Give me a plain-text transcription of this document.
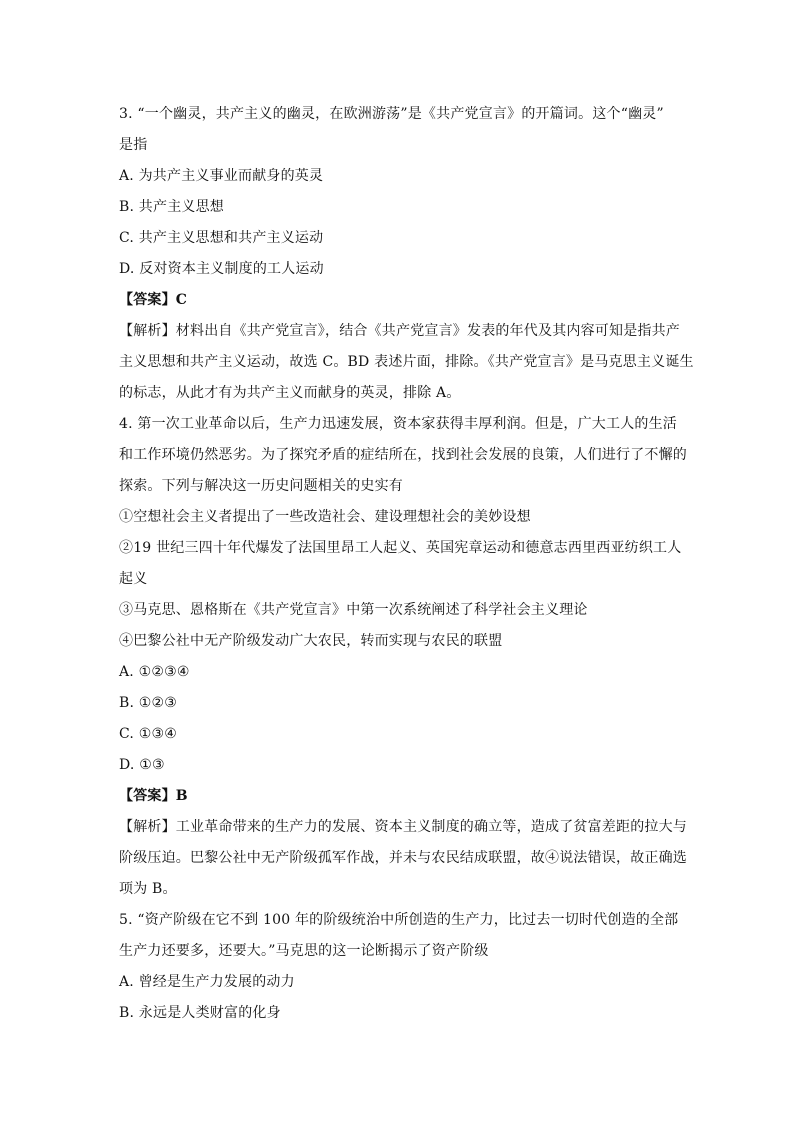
3. “一个幽灵，共产主义的幽灵，在欧洲游荡”是《共产党宣言》的开篇词。这个“幽灵”
是指
A. 为共产主义事业而献身的英灵
B. 共产主义思想
C. 共产主义思想和共产主义运动
D. 反对资本主义制度的工人运动
【答案】C
【解析】材料出自《共产党宣言》，结合《共产党宣言》发表的年代及其内容可知是指共产
主义思想和共产主义运动，故选 C。BD 表述片面，排除。《共产党宣言》是马克思主义诞生
的标志，从此才有为共产主义而献身的英灵，排除 A。
4. 第一次工业革命以后，生产力迅速发展，资本家获得丰厚利润。但是，广大工人的生活
和工作环境仍然恶劣。为了探究矛盾的症结所在，找到社会发展的良策，人们进行了不懈的
探索。下列与解决这一历史问题相关的史实有
①空想社会主义者提出了一些改造社会、建设理想社会的美妙设想
②19 世纪三四十年代爆发了法国里昂工人起义、英国宪章运动和德意志西里西亚纺织工人
起义
③马克思、恩格斯在《共产党宣言》中第一次系统阐述了科学社会主义理论
④巴黎公社中无产阶级发动广大农民，转而实现与农民的联盟
A. ①②③④
B. ①②③
C. ①③④
D. ①③
【答案】B
【解析】工业革命带来的生产力的发展、资本主义制度的确立等，造成了贫富差距的拉大与
阶级压迫。巴黎公社中无产阶级孤军作战，并未与农民结成联盟，故④说法错误，故正确选
项为 B。
5. “资产阶级在它不到 100 年的阶级统治中所创造的生产力，比过去一切时代创造的全部
生产力还要多，还要大。”马克思的这一论断揭示了资产阶级
A. 曾经是生产力发展的动力
B. 永远是人类财富的化身
